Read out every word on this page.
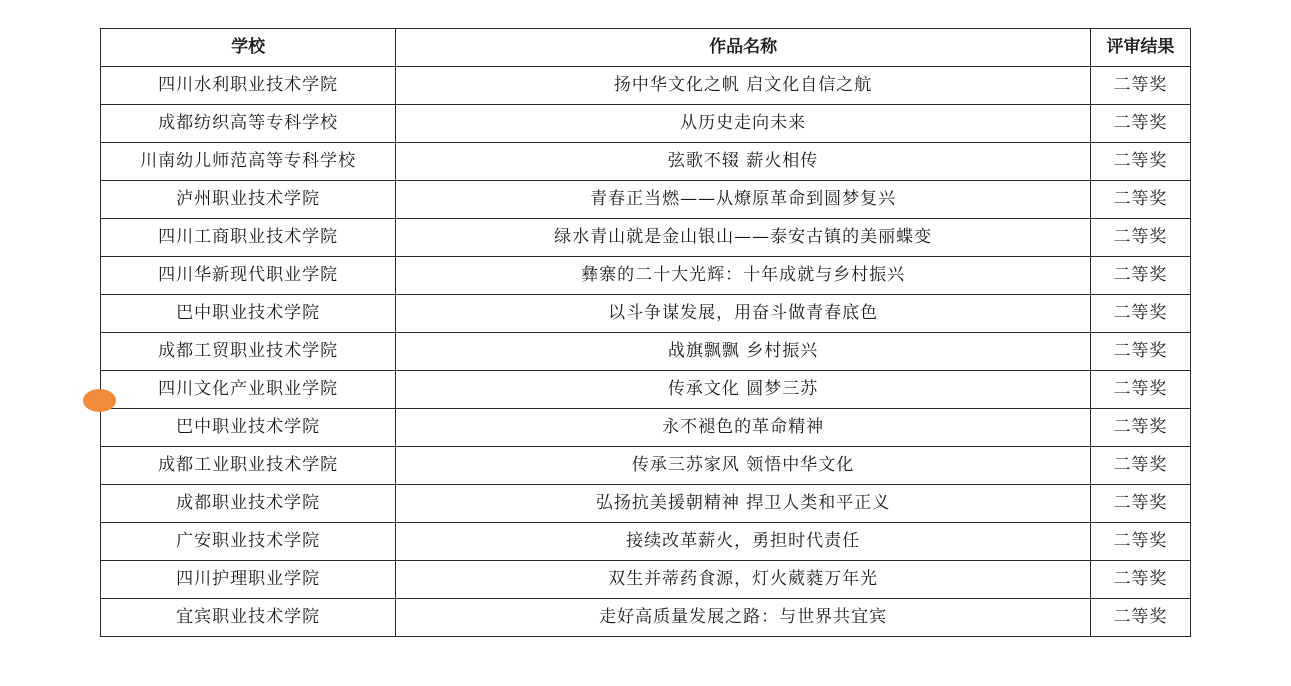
学校	作品名称	评审结果
四川水利职业技术学院	扬中华文化之帆 启文化自信之航	二等奖
成都纺织高等专科学校	从历史走向未来	二等奖
川南幼儿师范高等专科学校	弦歌不辍 薪火相传	二等奖
泸州职业技术学院	青春正当燃——从燎原革命到圆梦复兴	二等奖
四川工商职业技术学院	绿水青山就是金山银山——泰安古镇的美丽蝶变	二等奖
四川华新现代职业学院	彝寨的二十大光辉：十年成就与乡村振兴	二等奖
巴中职业技术学院	以斗争谋发展，用奋斗做青春底色	二等奖
成都工贸职业技术学院	战旗飘飘 乡村振兴	二等奖
四川文化产业职业学院	传承文化 圆梦三苏	二等奖
巴中职业技术学院	永不褪色的革命精神	二等奖
成都工业职业技术学院	传承三苏家风 领悟中华文化	二等奖
成都职业技术学院	弘扬抗美援朝精神 捍卫人类和平正义	二等奖
广安职业技术学院	接续改革薪火，勇担时代责任	二等奖
四川护理职业学院	双生并蒂药食源，灯火葳蕤万年光	二等奖
宜宾职业技术学院	走好高质量发展之路：与世界共宜宾	二等奖
